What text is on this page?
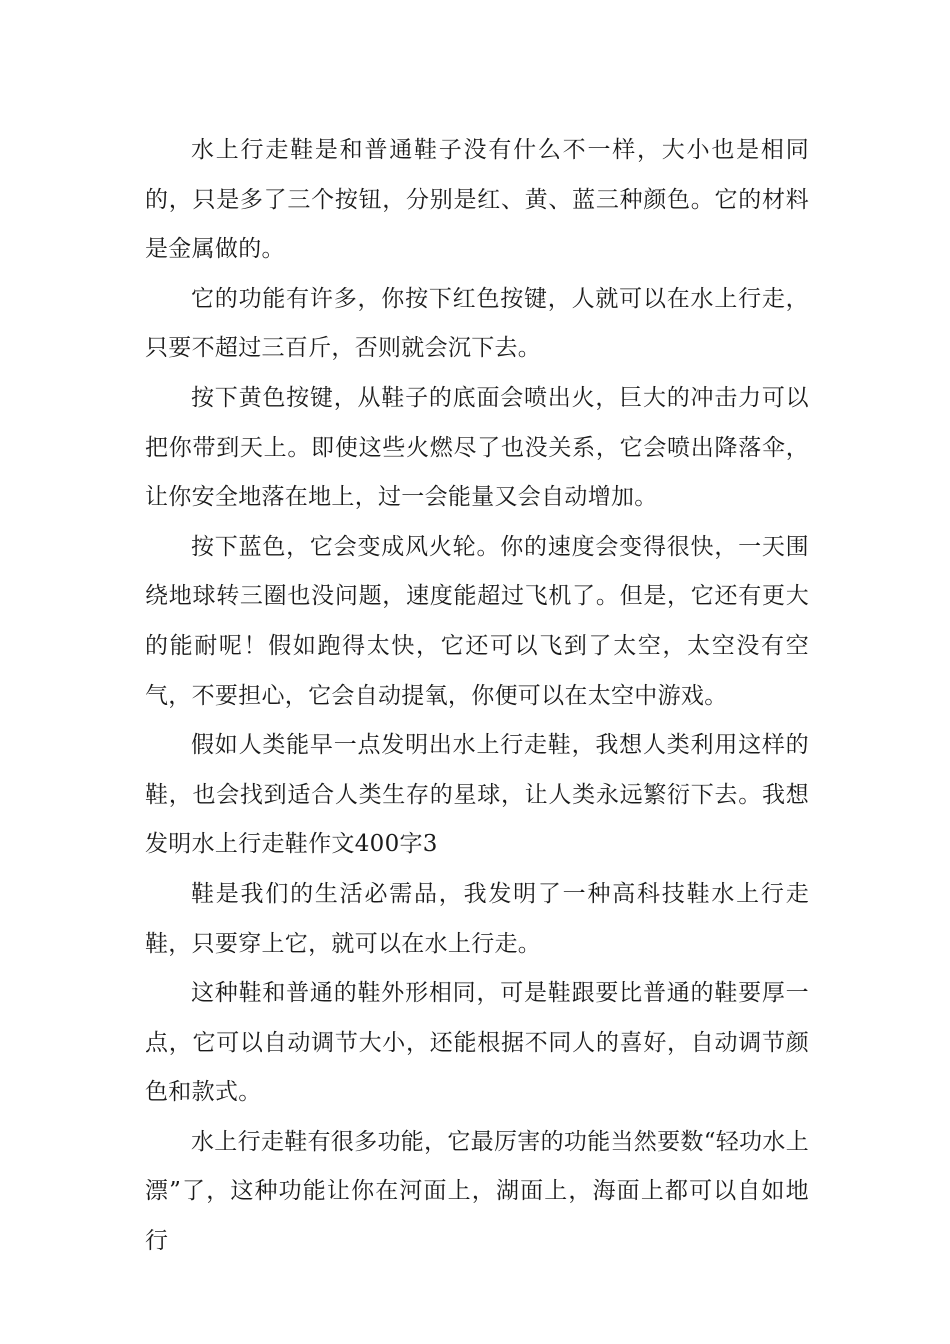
水上行走鞋是和普通鞋子没有什么不一样，大小也是相同的，只是多了三个按钮，分别是红、黄、蓝三种颜色。它的材料是金属做的。

它的功能有许多，你按下红色按键，人就可以在水上行走，只要不超过三百斤，否则就会沉下去。

按下黄色按键，从鞋子的底面会喷出火，巨大的冲击力可以把你带到天上。即使这些火燃尽了也没关系，它会喷出降落伞，让你安全地落在地上，过一会能量又会自动增加。

按下蓝色，它会变成风火轮。你的速度会变得很快，一天围绕地球转三圈也没问题，速度能超过飞机了。但是，它还有更大的能耐呢！假如跑得太快，它还可以飞到了太空，太空没有空气，不要担心，它会自动提氧，你便可以在太空中游戏。

假如人类能早一点发明出水上行走鞋，我想人类利用这样的鞋，也会找到适合人类生存的星球，让人类永远繁衍下去。我想发明水上行走鞋作文400字3

鞋是我们的生活必需品，我发明了一种高科技鞋水上行走鞋，只要穿上它，就可以在水上行走。

这种鞋和普通的鞋外形相同，可是鞋跟要比普通的鞋要厚一点，它可以自动调节大小，还能根据不同人的喜好，自动调节颜色和款式。

水上行走鞋有很多功能，它最厉害的功能当然要数“轻功水上漂”了，这种功能让你在河面上，湖面上，海面上都可以自如地行
